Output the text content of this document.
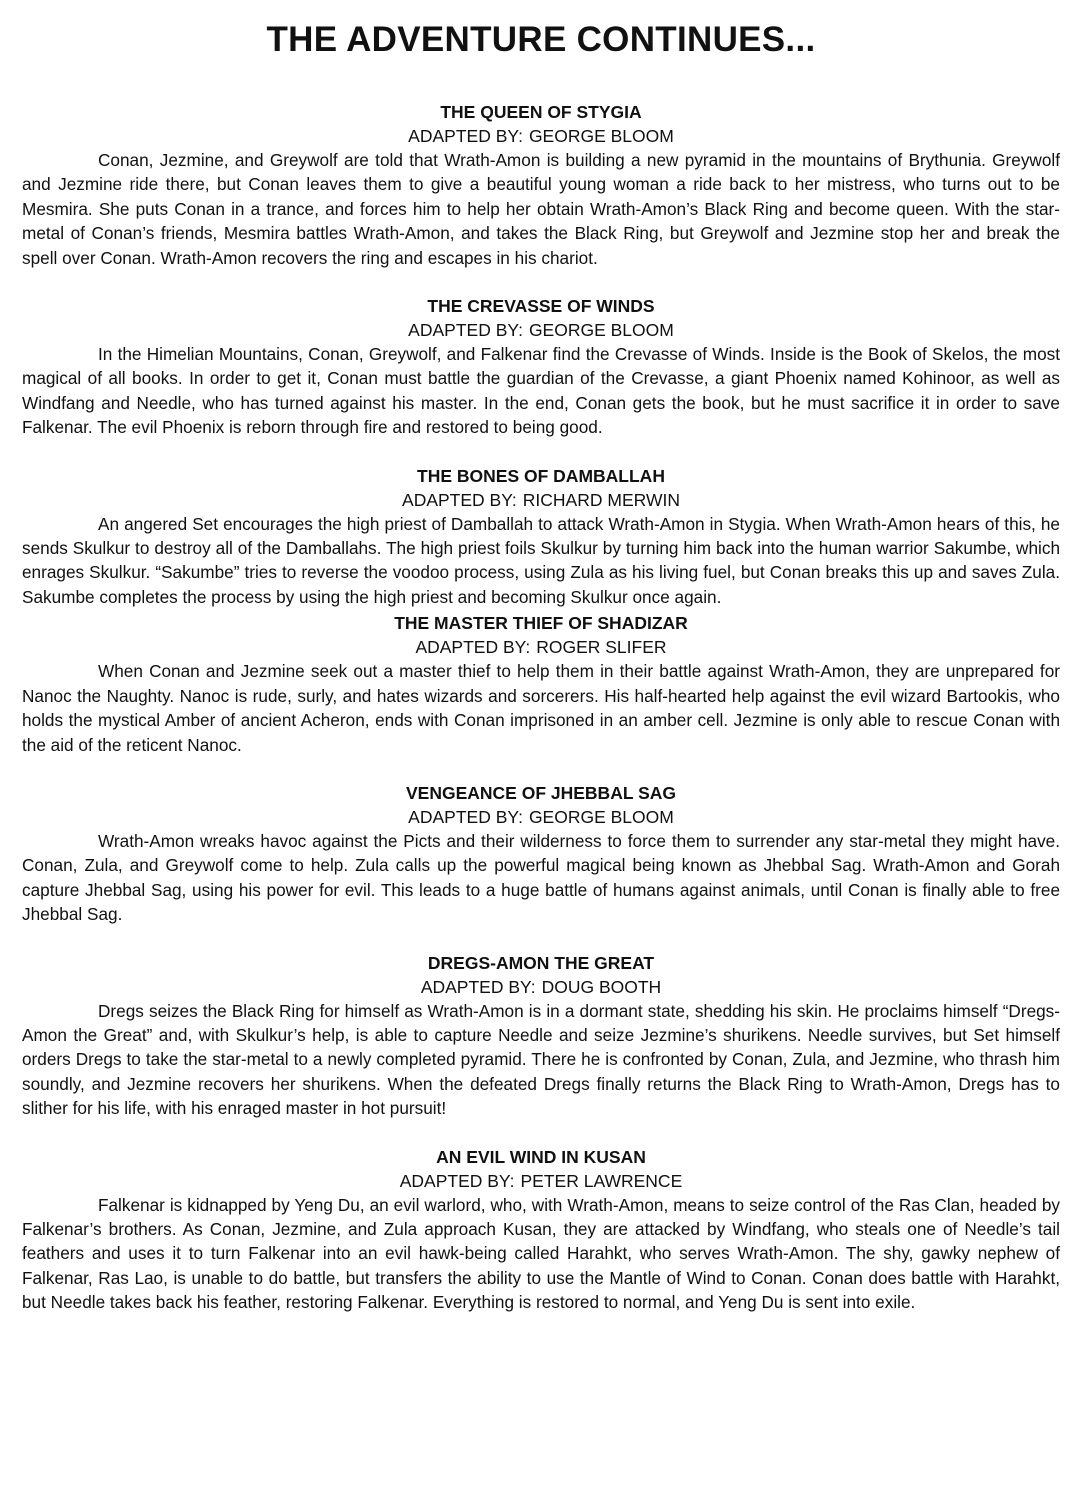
THE ADVENTURE CONTINUES...
THE QUEEN OF STYGIA
ADAPTED BY: GEORGE BLOOM

Conan, Jezmine, and Greywolf are told that Wrath-Amon is building a new pyramid in the mountains of Brythunia. Greywolf and Jezmine ride there, but Conan leaves them to give a beautiful young woman a ride back to her mistress, who turns out to be Mesmira. She puts Conan in a trance, and forces him to help her obtain Wrath-Amon’s Black Ring and become queen. With the star-metal of Conan’s friends, Mesmira battles Wrath-Amon, and takes the Black Ring, but Greywolf and Jezmine stop her and break the spell over Conan. Wrath-Amon recovers the ring and escapes in his chariot.

THE CREVASSE OF WINDS
ADAPTED BY: GEORGE BLOOM

In the Himelian Mountains, Conan, Greywolf, and Falkenar find the Crevasse of Winds. Inside is the Book of Skelos, the most magical of all books. In order to get it, Conan must battle the guardian of the Crevasse, a giant Phoenix named Kohinoor, as well as Windfang and Needle, who has turned against his master. In the end, Conan gets the book, but he must sacrifice it in order to save Falkenar. The evil Phoenix is reborn through fire and restored to being good.

THE BONES OF DAMBALLAH
ADAPTED BY: RICHARD MERWIN

An angered Set encourages the high priest of Damballah to attack Wrath-Amon in Stygia. When Wrath-Amon hears of this, he sends Skulkur to destroy all of the Damballahs. The high priest foils Skulkur by turning him back into the human warrior Sakumbe, which enrages Skulkur. “Sakumbe” tries to reverse the voodoo process, using Zula as his living fuel, but Conan breaks this up and saves Zula. Sakumbe completes the process by using the high priest and becoming Skulkur once again.

THE MASTER THIEF OF SHADIZAR
ADAPTED BY: ROGER SLIFER

When Conan and Jezmine seek out a master thief to help them in their battle against Wrath-Amon, they are unprepared for Nanoc the Naughty. Nanoc is rude, surly, and hates wizards and sorcerers. His half-hearted help against the evil wizard Bartookis, who holds the mystical Amber of ancient Acheron, ends with Conan imprisoned in an amber cell. Jezmine is only able to rescue Conan with the aid of the reticent Nanoc.

VENGEANCE OF JHEBBAL SAG
ADAPTED BY: GEORGE BLOOM

Wrath-Amon wreaks havoc against the Picts and their wilderness to force them to surrender any star-metal they might have. Conan, Zula, and Greywolf come to help. Zula calls up the powerful magical being known as Jhebbal Sag. Wrath-Amon and Gorah capture Jhebbal Sag, using his power for evil. This leads to a huge battle of humans against animals, until Conan is finally able to free Jhebbal Sag.

DREGS-AMON THE GREAT
ADAPTED BY: DOUG BOOTH

Dregs seizes the Black Ring for himself as Wrath-Amon is in a dormant state, shedding his skin. He proclaims himself “Dregs-Amon the Great” and, with Skulkur’s help, is able to capture Needle and seize Jezmine’s shurikens. Needle survives, but Set himself orders Dregs to take the star-metal to a newly completed pyramid. There he is confronted by Conan, Zula, and Jezmine, who thrash him soundly, and Jezmine recovers her shurikens. When the defeated Dregs finally returns the Black Ring to Wrath-Amon, Dregs has to slither for his life, with his enraged master in hot pursuit!

AN EVIL WIND IN KUSAN
ADAPTED BY: PETER LAWRENCE

Falkenar is kidnapped by Yeng Du, an evil warlord, who, with Wrath-Amon, means to seize control of the Ras Clan, headed by Falkenar’s brothers. As Conan, Jezmine, and Zula approach Kusan, they are attacked by Windfang, who steals one of Needle’s tail feathers and uses it to turn Falkenar into an evil hawk-being called Harahkt, who serves Wrath-Amon. The shy, gawky nephew of Falkenar, Ras Lao, is unable to do battle, but transfers the ability to use the Mantle of Wind to Conan. Conan does battle with Harahkt, but Needle takes back his feather, restoring Falkenar. Everything is restored to normal, and Yeng Du is sent into exile.
